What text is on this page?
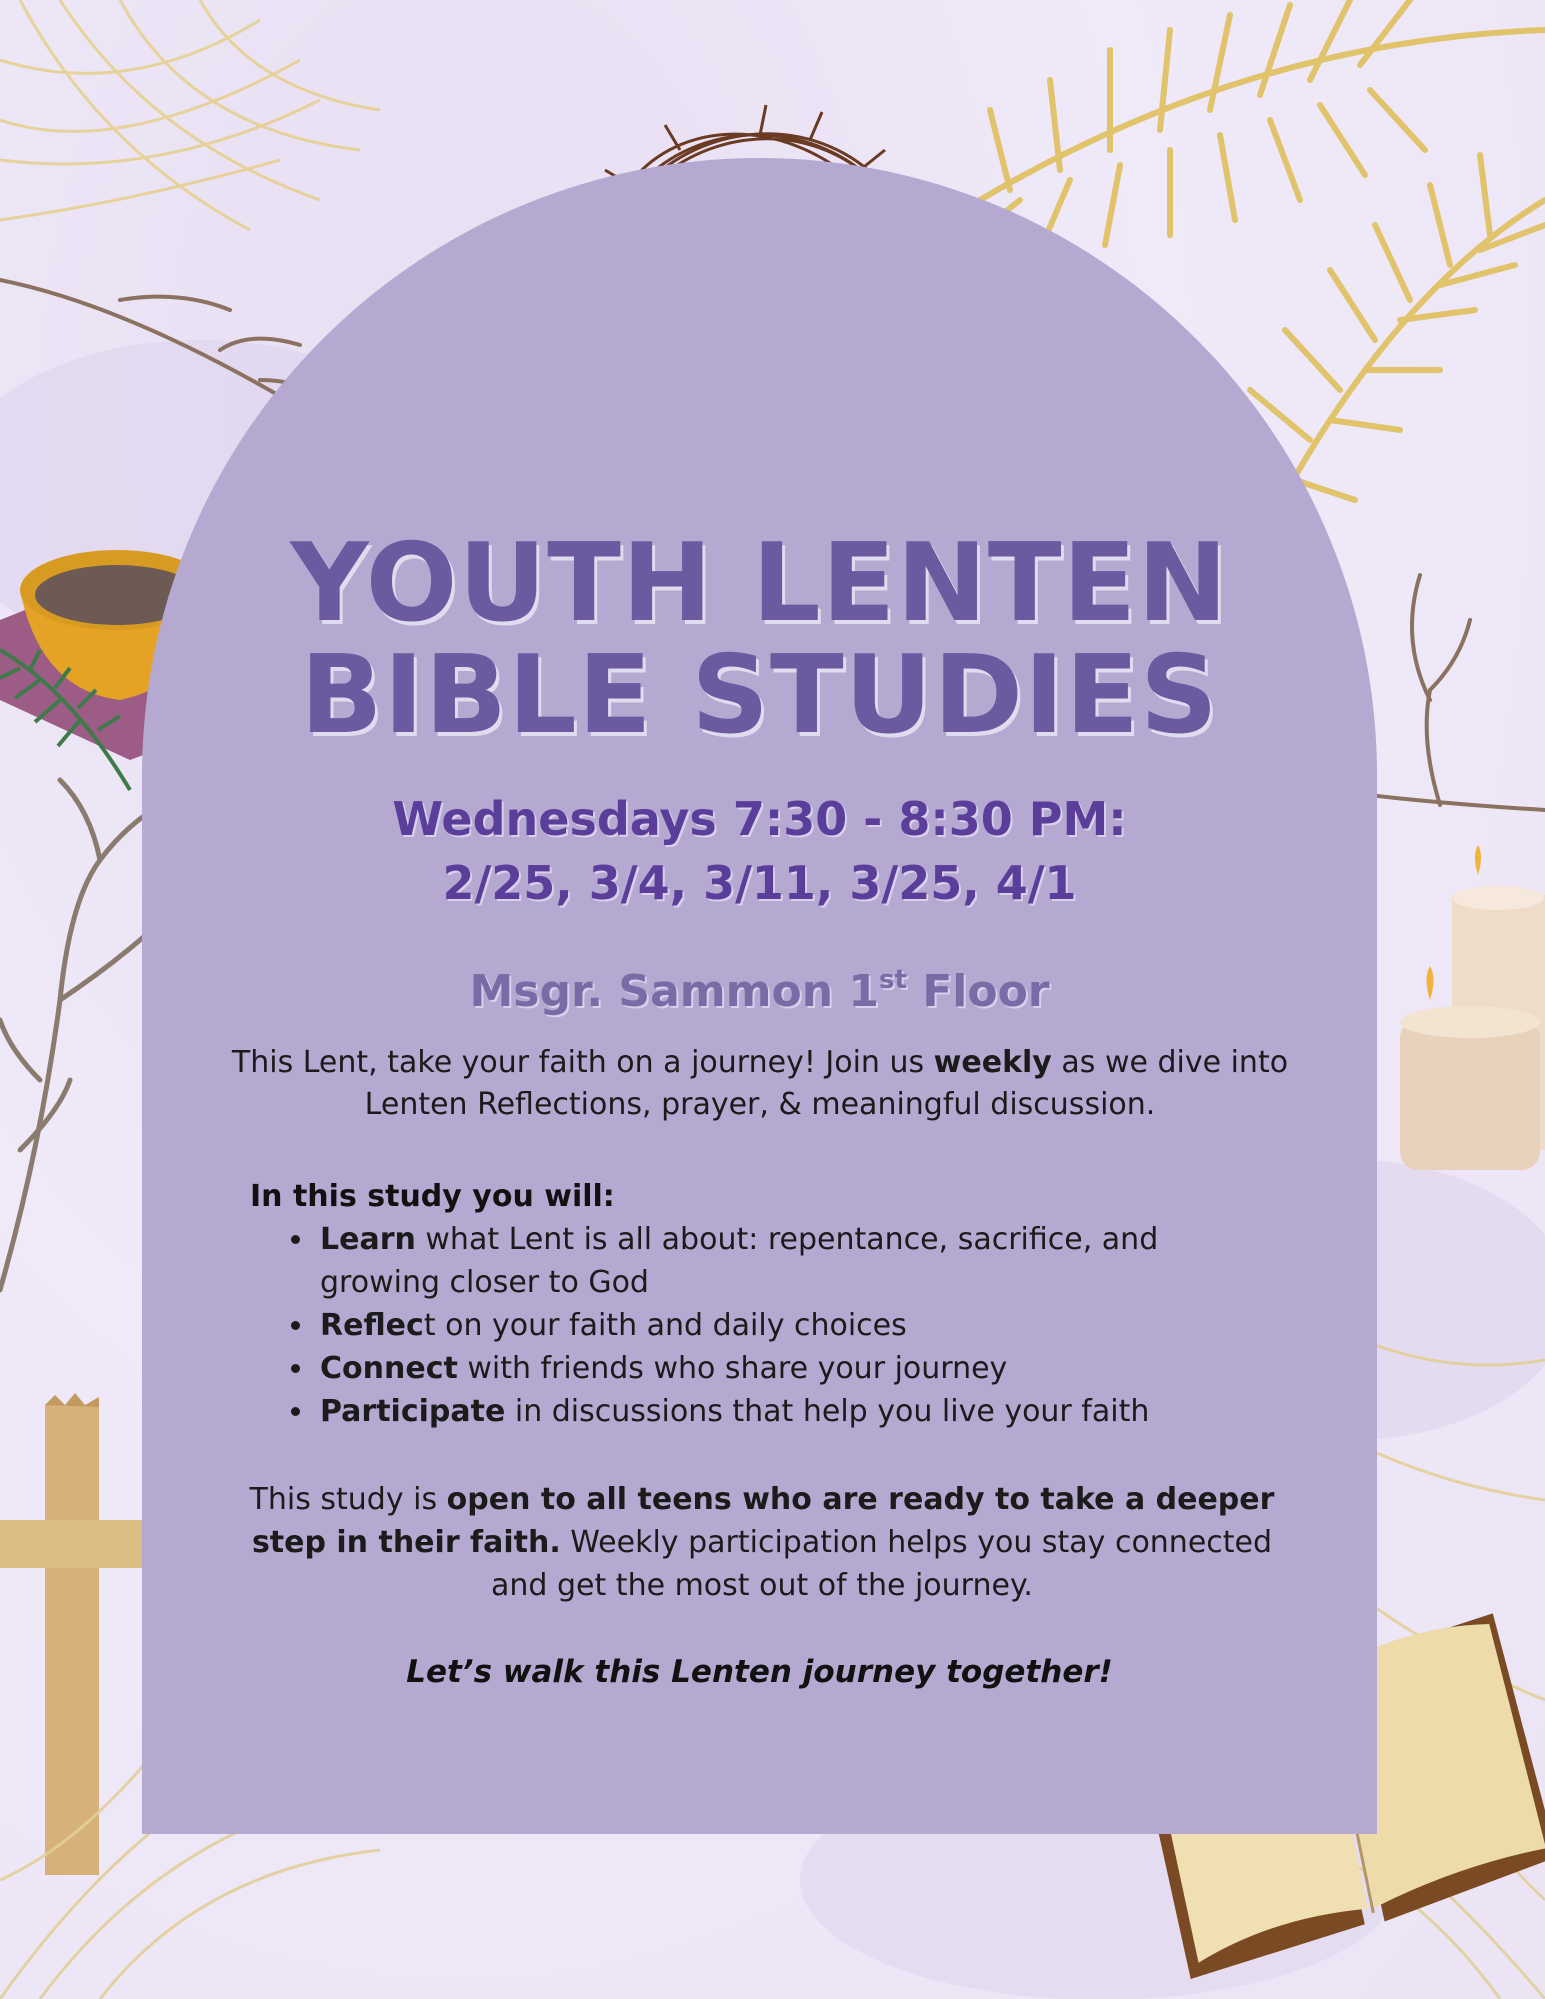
YOUTH LENTEN
BIBLE STUDIES
Wednesdays 7:30 - 8:30 PM:
2/25, 3/4, 3/11, 3/25, 4/1
Msgr. Sammon 1st Floor
This Lent, take your faith on a journey! Join us weekly as we dive into Lenten Reflections, prayer, & meaningful discussion.
In this study you will:
• Learn what Lent is all about: repentance, sacrifice, and growing closer to God
• Reflect on your faith and daily choices
• Connect with friends who share your journey
• Participate in discussions that help you live your faith
This study is open to all teens who are ready to take a deeper step in their faith. Weekly participation helps you stay connected and get the most out of the journey.
Let’s walk this Lenten journey together!
